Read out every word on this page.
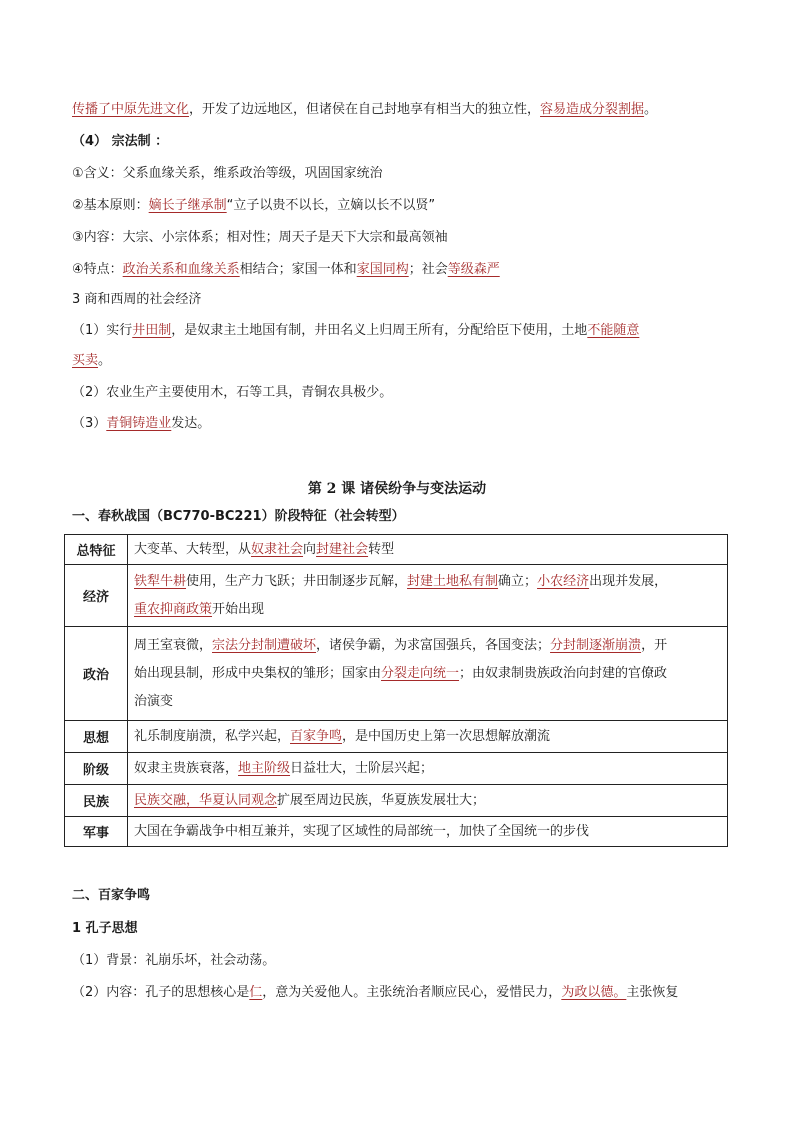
传播了中原先进文化，开发了边远地区，但诸侯在自己封地享有相当大的独立性，容易造成分裂割据。
（4） 宗法制 ：
①含义：父系血缘关系，维系政治等级，巩固国家统治
②基本原则：嫡长子继承制“立子以贵不以长，立嫡以长不以贤”
③内容：大宗、小宗体系；相对性；周天子是天下大宗和最高领袖
④特点：政治关系和血缘关系相结合；家国一体和家国同构；社会等级森严
3 商和西周的社会经济
（1）实行井田制，是奴隶主土地国有制，井田名义上归周王所有，分配给臣下使用，土地不能随意
买卖。
（2）农业生产主要使用木，石等工具，青铜农具极少。
（3）青铜铸造业发达。
第 2 课 诸侯纷争与变法运动
一、春秋战国（BC770-BC221）阶段特征（社会转型）
总特征	大变革、大转型，从奴隶社会向封建社会转型
经济	铁犁牛耕使用，生产力飞跃；井田制逐步瓦解，封建土地私有制确立；小农经济出现并发展，
重农抑商政策开始出现
政治	周王室衰微，宗法分封制遭破坏，诸侯争霸，为求富国强兵，各国变法；分封制逐渐崩溃，开
始出现县制，形成中央集权的雏形；国家由分裂走向统一；由奴隶制贵族政治向封建的官僚政
治演变
思想	礼乐制度崩溃，私学兴起，百家争鸣，是中国历史上第一次思想解放潮流
阶级	奴隶主贵族衰落，地主阶级日益壮大，士阶层兴起；
民族	民族交融，华夏认同观念扩展至周边民族，华夏族发展壮大；
军事	大国在争霸战争中相互兼并，实现了区域性的局部统一，加快了全国统一的步伐
二、百家争鸣
1 孔子思想
（1）背景：礼崩乐坏，社会动荡。
（2）内容：孔子的思想核心是仁，意为关爱他人。主张统治者顺应民心，爱惜民力，为政以德。主张恢复
